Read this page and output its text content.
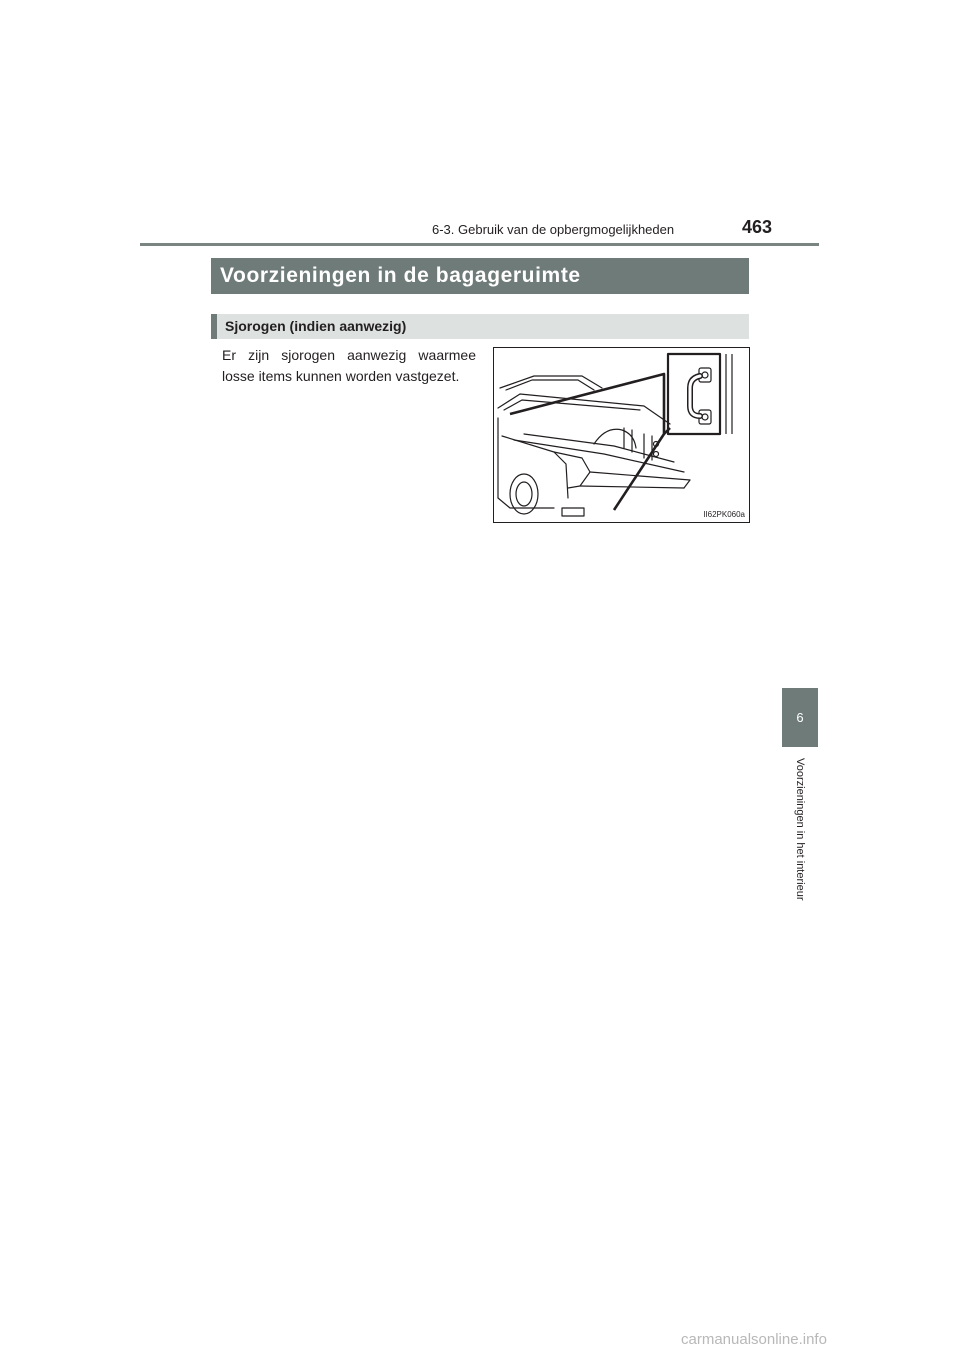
6-3. Gebruik van de opbergmogelijkheden	463
Voorzieningen in de bagageruimte
Sjorogen (indien aanwezig)
Er zijn sjorogen aanwezig waarmee losse items kunnen worden vastgezet.
II62PK060a
6
Voorzieningen in het interieur
carmanualsonline.info
